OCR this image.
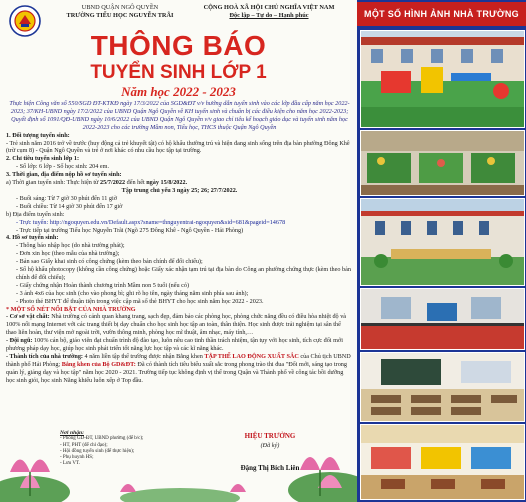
UBND QUẬN NGÔ QUYỀN
TRƯỜNG TIỂU HỌC NGUYỄN TRÃI
CỘNG HOÀ XÃ HỘI CHỦ NGHĨA VIỆT NAM
Độc lập – Tự do – Hạnh phúc
THÔNG BÁO
TUYỂN SINH LỚP 1
Năm học 2022 - 2023

Thực hiện Công văn số 550/SGD ĐT-KTKĐ ngày 17/3/2022 của SGD&ĐT v/v hướng dẫn tuyển sinh vào các lớp đầu cấp năm học 2022-2023; 37/KH-UBND ngày 17/2/2022 của UBND Quận Ngô Quyền về KH tuyển sinh và chuẩn bị các điều kiện cho năm học 2022-2023; Quyết định số 1091/QĐ-UBND ngày 10/6/2022 của UBND Quận Ngô Quyền v/v giao chỉ tiêu kế hoạch giáo dục và tuyển sinh năm học 2022-2023 cho các trường Mầm non, Tiểu học, THCS thuộc Quận Ngô Quyền

1. Đối tượng tuyển sinh:

- Trẻ sinh năm 2016 trở về trước (huy động cả trẻ khuyết tật) có hộ khẩu thường trú và hiện đang sinh sống trên địa bàn phường Đông Khê (trừ cụm 8) - Quận Ngô Quyền và trẻ ở nơi khác có nhu cầu học tập tại trường.

2. Chỉ tiêu tuyển sinh lớp 1:

- Số lớp: 6 lớp - Số học sinh: 204 em.

3. Thời gian, địa điểm nộp hồ sơ tuyển sinh:

a) Thời gian tuyển sinh: Thực hiện từ 25/7/2022 đến hết ngày 15/8/2022.

Tập trung chủ yếu 3 ngày 25; 26; 27/7/2022.

- Buổi sáng: Từ 7 giờ 30 phút đến 11 giờ

- Buổi chiều: Từ 14 giờ 30 phút đến 17 giờ

b) Địa điểm tuyển sinh:

- Trực tuyến: http://ngoquyen.edu.vn/Default.aspx?sname=thnguyentrai-ngoquyen&sid=681&pageid=14678

- Trực tiếp tại trường Tiểu học Nguyễn Trãi (Ngõ 275 Đông Khê - Ngô Quyền - Hải Phòng)

4. Hồ sơ tuyển sinh:

- Thông báo nhập học (do nhà trường phát);

- Đơn xin học (theo mẫu của nhà trường);

- Bản sao Giấy khai sinh có công chứng (kèm theo bản chính để đối chiếu);

- Sổ hộ khẩu photocopy (không cần công chứng) hoặc Giấy xác nhận tạm trú tại địa bàn do Công an phường chứng thực (kèm theo bản chính để đối chiếu);

- Giấy chứng nhận Hoàn thành chương trình Mầm non 5 tuổi (nếu có)

- 3 ảnh 4x6 của học sinh (cho vào phong bì; ghi rõ họ tên, ngày tháng năm sinh phía sau ảnh);

- Photo thẻ BHYT để thuận tiện trong việc cập mã số thẻ BHYT cho học sinh năm học 2022 - 2023.

* MỘT SỐ NÉT NỔI BẬT CỦA NHÀ TRƯỜNG

- Cơ sở vật chất: Nhà trường có cảnh quan khang trang, sạch đẹp, đảm bảo các phòng học, phòng chức năng đều có điều hòa nhiệt độ và 100% nối mạng Internet với các trang thiết bị dạy chuẩn cho học sinh học tập an toàn, thân thiện. Học sinh được trải nghiệm tại sân thể thao liên hoàn, thư viện mở ngoài trời, vườn thông minh, phòng học mĩ thuật, âm nhạc, máy tính,…

- Đội ngũ: 100% cán bộ, giáo viên đạt chuẩn trình độ đào tạo, luôn nêu cao tinh thần trách nhiệm, tận tụy với học sinh, tích cực đổi mới phương pháp dạy học, giúp học sinh phát triển tốt năng lực học tập và các kĩ năng khác.

- Thành tích của nhà trường: 4 năm liền tập thể trường được nhận Bằng khen TẬP THỂ LAO ĐỘNG XUẤT SẮC của Chủ tịch UBND thành phố Hải Phòng; Bằng khen của Bộ GD&ĐT: Đã có thành tích tiêu biểu xuất sắc trong phong trào thi đua "Đổi mới, sáng tạo trong quản lý, giảng dạy và học tập" năm học 2020 - 2021. Trường tiếp tục không định vị thế trong Quận và Thành phố về công tác bồi dưỡng học sinh giỏi, học sinh Năng khiếu luôn xếp ở Top đầu.

Nơi nhận:
- Phòng GD-ĐT, UBND phường (để b/c);
- HT, PHT (để chỉ đạo);
- Hội đồng tuyển sinh (để thực hiện);
- Phụ huynh HS;
- Lưu VT.
HIỆU TRƯỞNG
(Đã ký)
Đặng Thị Bích Liên
MỘT SỐ HÌNH ẢNH NHÀ TRƯỜNG
